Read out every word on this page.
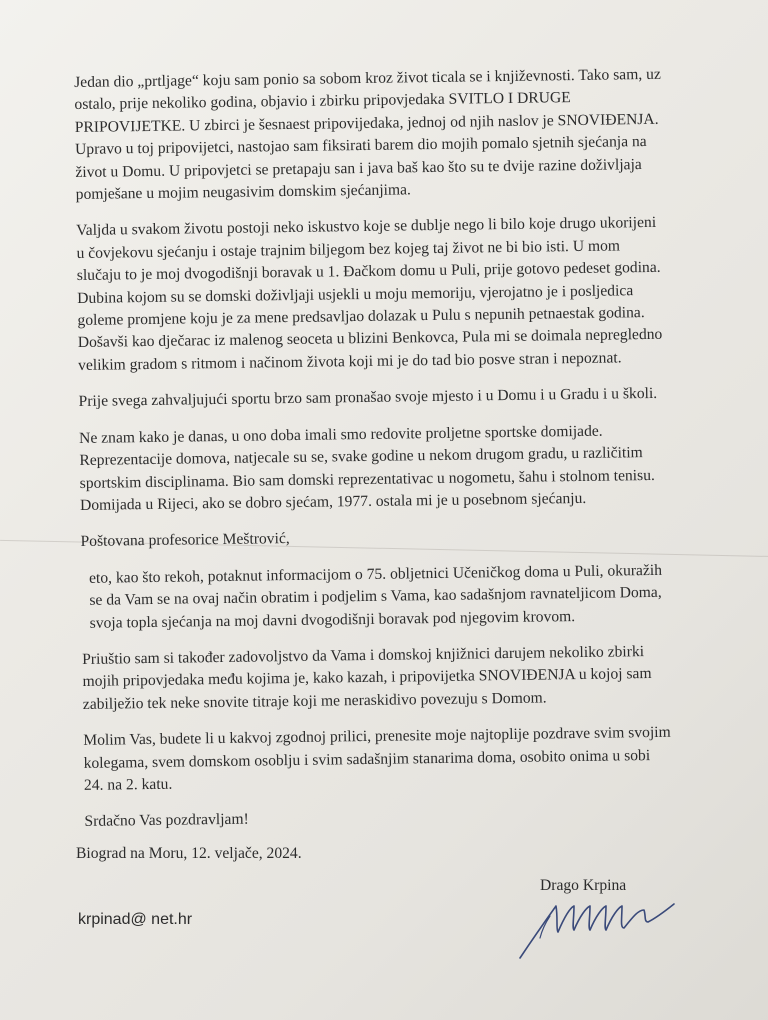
Jedan dio „prtljage“ koju sam ponio sa sobom kroz život ticala se i književnosti. Tako sam, uz
ostalo, prije nekoliko godina, objavio i zbirku pripovjedaka SVITLO I DRUGE
PRIPOVIJETKE. U zbirci je šesnaest pripovijedaka, jednoj od njih naslov je SNOVIĐENJA.
Upravo u toj pripovijetci, nastojao sam fiksirati barem dio mojih pomalo sjetnih sjećanja na
život u Domu. U pripovjetci se pretapaju san i java baš kao što su te dvije razine doživljaja
pomješane u mojim neugasivim domskim sjećanjima.
Valjda u svakom životu postoji neko iskustvo koje se dublje nego li bilo koje drugo ukorijeni
u čovjekovu sjećanju i ostaje trajnim biljegom bez kojeg taj život ne bi bio isti. U mom
slučaju to je moj dvogodišnji boravak u 1. Đačkom domu u Puli, prije gotovo pedeset godina.
Dubina kojom su se domski doživljaji usjekli u moju memoriju, vjerojatno je i posljedica
goleme promjene koju je za mene predsavljao dolazak u Pulu s nepunih petnaestak godina.
Došavši kao dječarac iz malenog seoceta u blizini Benkovca, Pula mi se doimala nepregledno
velikim gradom s ritmom i načinom života koji mi je do tad bio posve stran i nepoznat.
Prije svega zahvaljujući sportu brzo sam pronašao svoje mjesto i u Domu i u Gradu i u školi.
Ne znam kako je danas, u ono doba imali smo redovite proljetne sportske domijade.
Reprezentacije domova, natjecale su se, svake godine u nekom drugom gradu, u različitim
sportskim disciplinama. Bio sam domski reprezentativac u nogometu, šahu i stolnom tenisu.
Domijada u Rijeci, ako se dobro sjećam, 1977. ostala mi je u posebnom sjećanju.
Poštovana profesorice Meštrović,
eto, kao što rekoh, potaknut informacijom o 75. obljetnici Učeničkog doma u Puli, okuražih
se da Vam se na ovaj način obratim i podjelim s Vama, kao sadašnjom ravnateljicom Doma,
svoja topla sjećanja na moj davni dvogodišnji boravak pod njegovim krovom.
Priuštio sam si također zadovoljstvo da Vama i domskoj knjižnici darujem nekoliko zbirki
mojih pripovjedaka među kojima je, kako kazah, i pripovijetka SNOVIĐENJA u kojoj sam
zabilježio tek neke snovite titraje koji me neraskidivo povezuju s Domom.
Molim Vas, budete li u kakvoj zgodnoj prilici, prenesite moje najtoplije pozdrave svim svojim
kolegama, svem domskom osoblju i svim sadašnjim stanarima doma, osobito onima u sobi
24. na 2. katu.
Srdačno Vas pozdravljam!
Biograd na Moru, 12. veljače, 2024.
Drago Krpina
krpinad@ net.hr
